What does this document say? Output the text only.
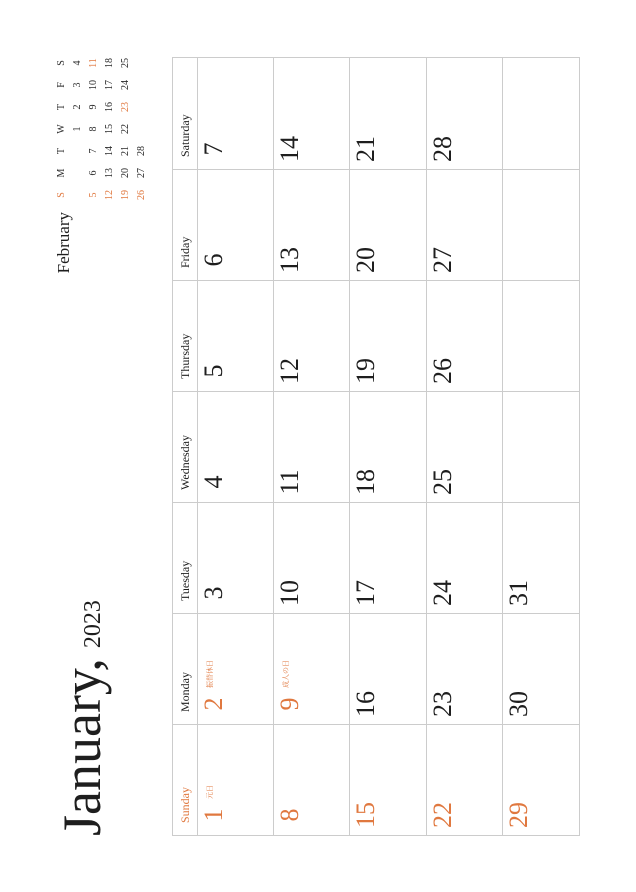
January,2023
February
S
M
T
W
T
F
S
1
2
3
4
5
6
7
8
9
10
11
12
13
14
15
16
17
18
19
20
21
22
23
24
25
26
27
28
Sunday
Monday
Tuesday
Wednesday
Thursday
Friday
Saturday
1
元日
2
振替休日
3
4
5
6
7
8
9
成人の日
10
11
12
13
14
15
16
17
18
19
20
21
22
23
24
25
26
27
28
29
30
31
